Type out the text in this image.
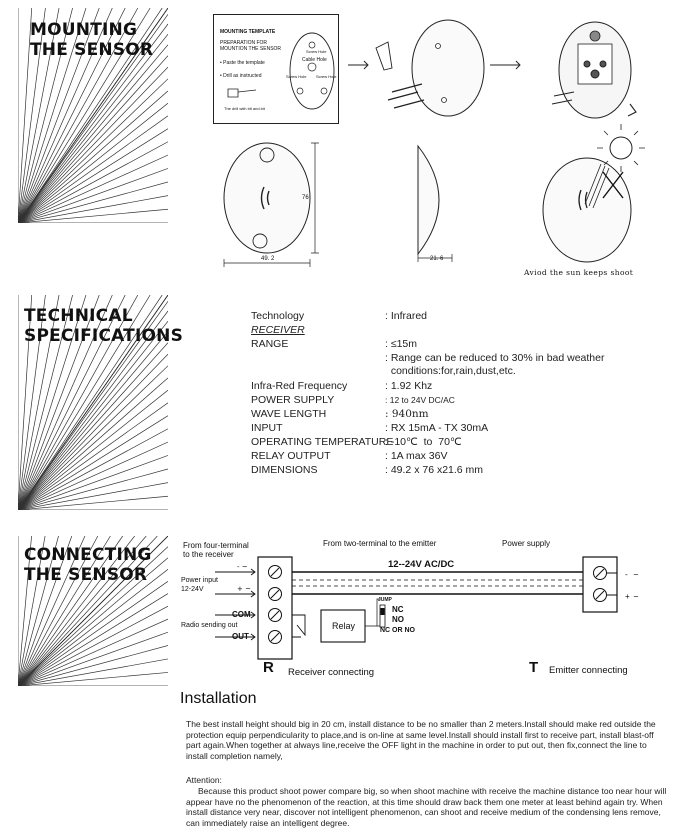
MOUNTING
THE SENSOR
TECHNICAL
SPECIFICATIONS
CONNECTING
THE SENSOR
MOUNTING TEMPLATE
PREPARATION FOR
MOUNTION THE SENSOR
• Paste the template
• Drill as instructed
The drill with bit and bit
Screw Hole
Cable Hole
Screw Hole Screw Hole
49. 2
76
21. 6
Aviod the sun keeps shoot
Technology	: Infrared
RECEIVER
RANGE	: ≤15m
: Range can be reduced to 30% in bad weather
conditions:for,rain,dust,etc.
Infra-Red Frequency	: 1.92 Khz
POWER SUPPLY	: 12 to 24V DC/AC
WAVE LENGTH	: 940nm
INPUT	: RX 15mA - TX 30mA
OPERATING TEMPERATURE
: -10℃  to  70℃
RELAY OUTPUT	: 1A max 36V
DIMENSIONS	: 49.2 x 76 x21.6 mm
-
+
~
~
- ~
+ ~
From four-terminal
to the receiver
From two-terminal to the emitter	Power supply
12--24V AC/DC
Power input
12-24V
COM
Radio sending out
OUT
Relay
JUMP
NC
NO
NC OR NO
R Receiver connecting	T Emitter connecting
Installation
The best install height should big in 20 cm, install distance to be no smaller than 2 meters.Install should make red outside the protection equip perpendicularity to place,and is on-line at same level.Install should install first to receive part, install blast-off part again.When together at always line,receive the OFF light in the machine in order to put out, then fix,connect the line to install completion namely,
Attention:
Because this product shoot power compare big, so when shoot machine with receive the machine distance too near hour will appear have no the phenomenon of the reaction, at this time should draw back them one meter at least behind again try. When install distance very near, discover not intelligent phenomenon, can shoot and receive medium of the condensing lens remove, can immediately raise an intelligent degree.
